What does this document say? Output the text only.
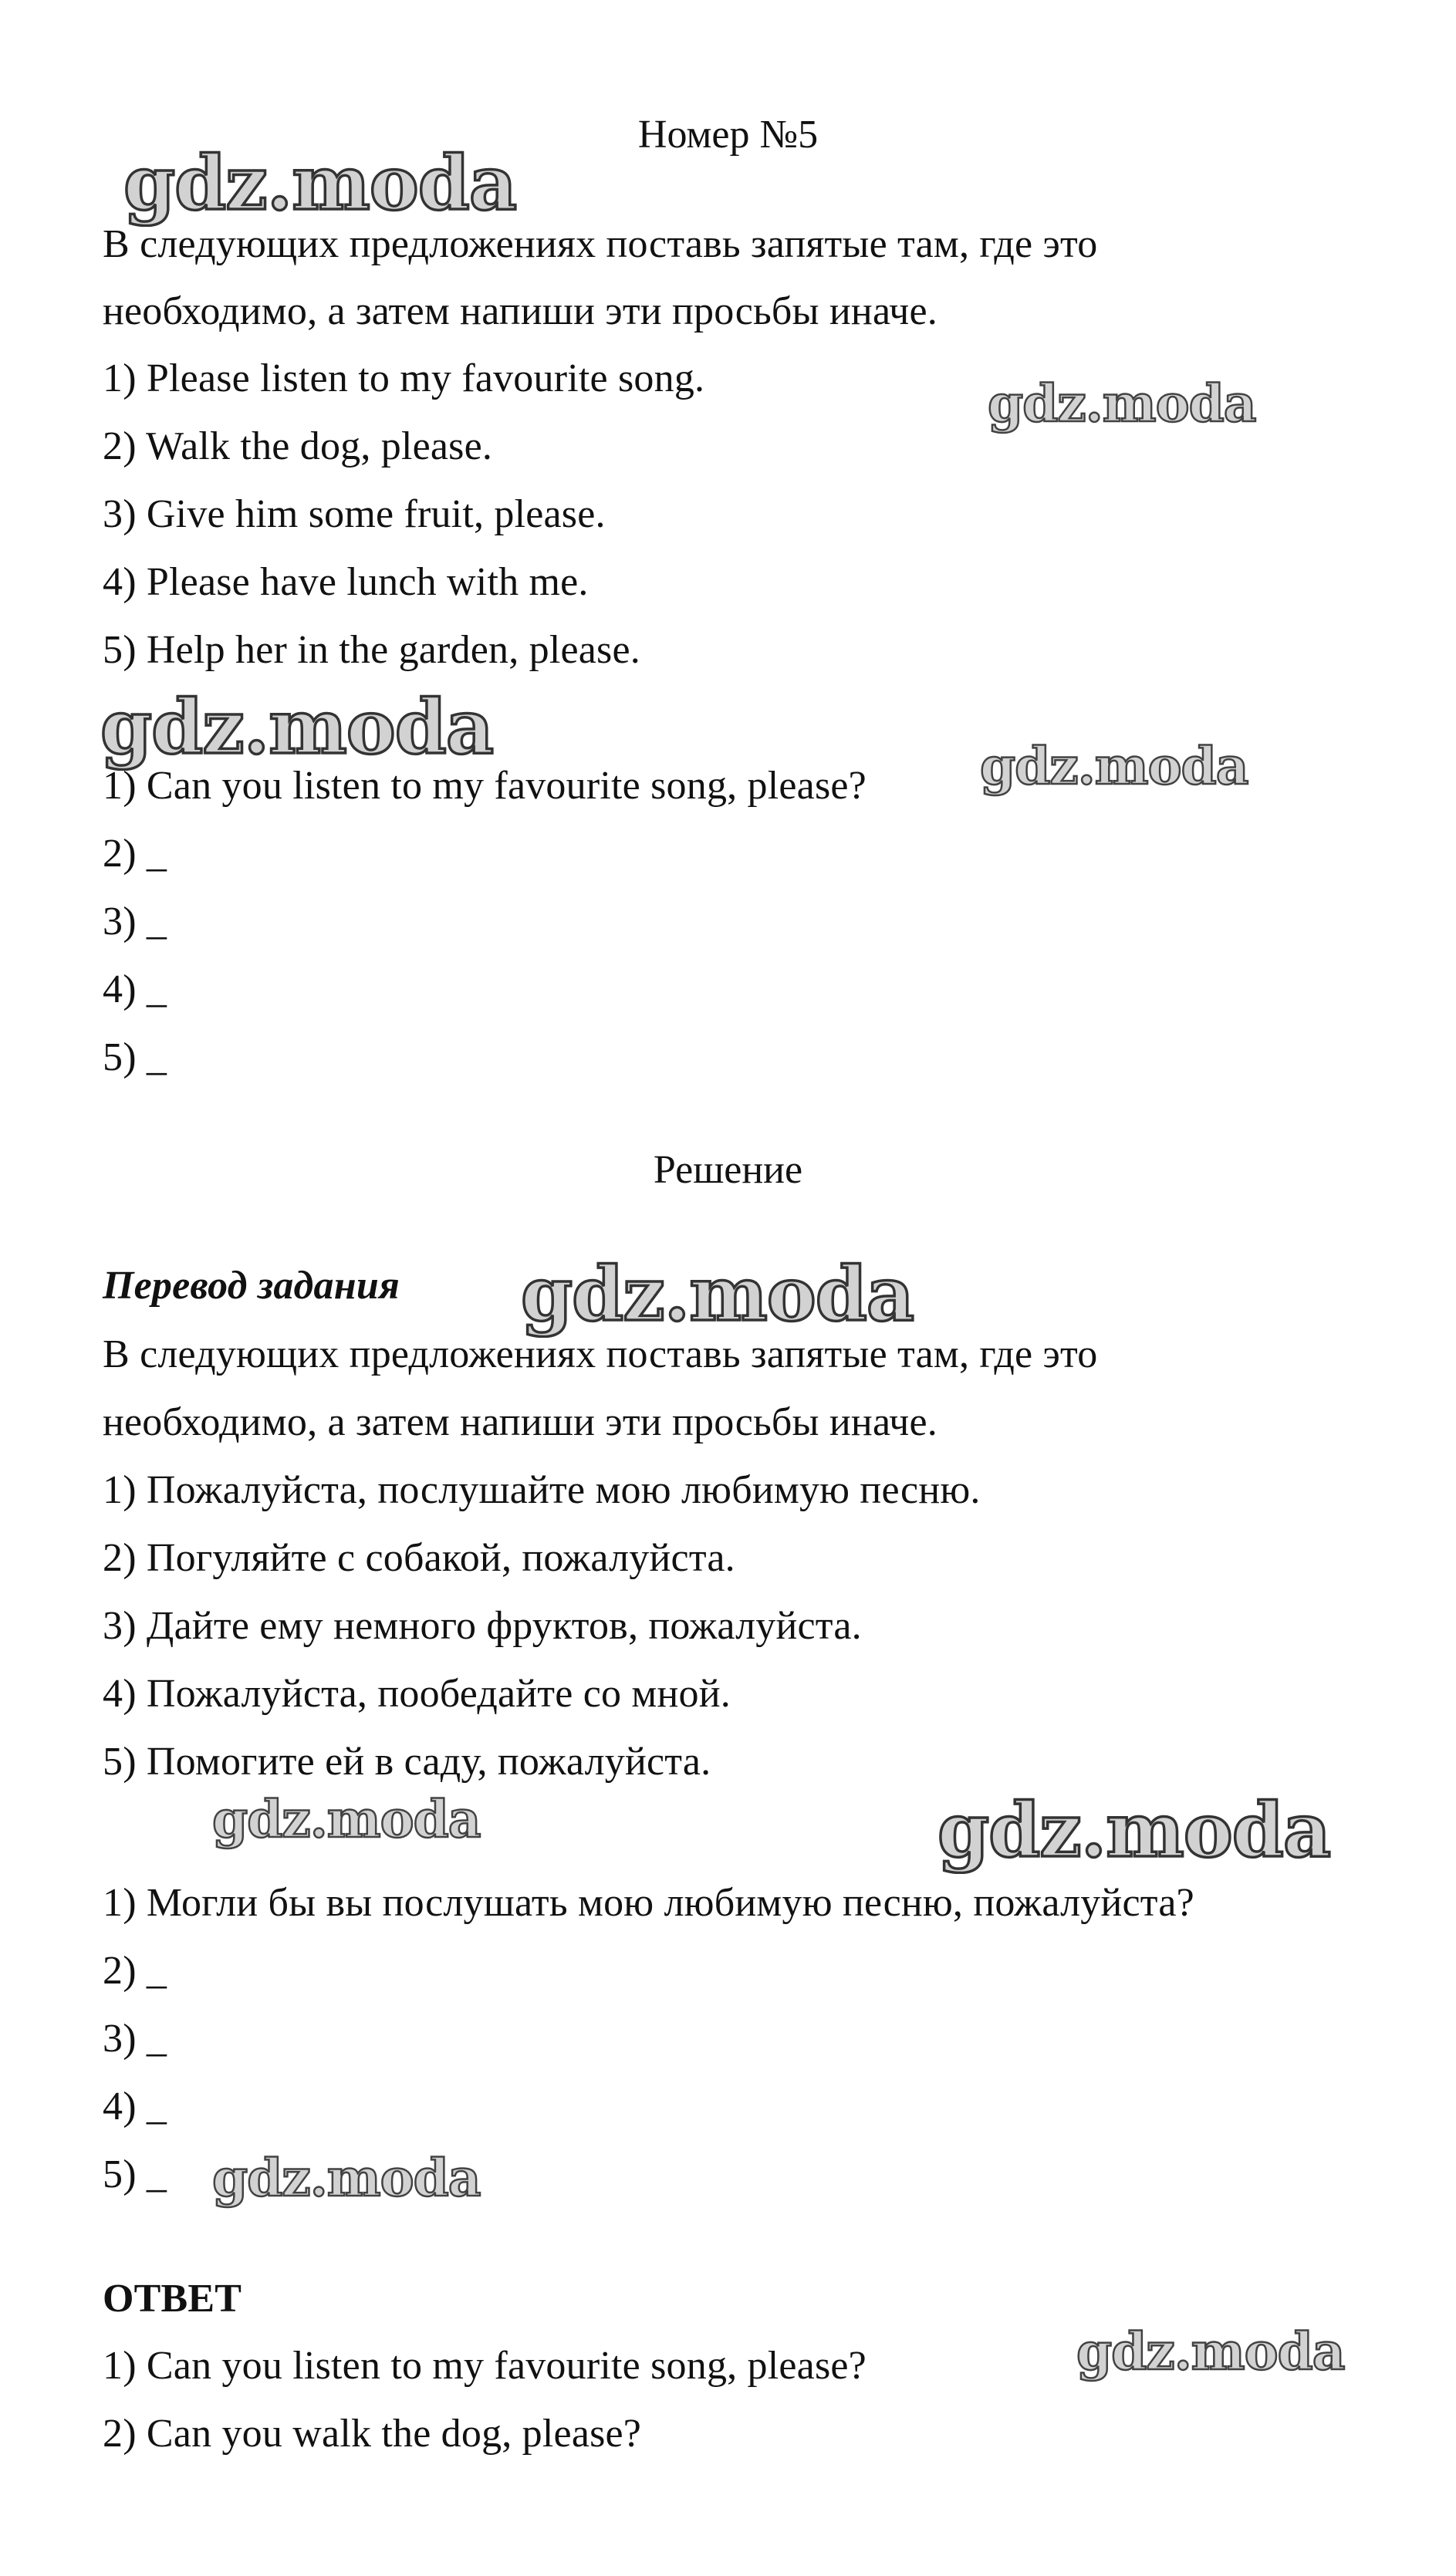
Номер №5
В следующих предложениях поставь запятые там, где это
необходимо, а затем напиши эти просьбы иначе.
1) Please listen to my favourite song.
2) Walk the dog, please.
3) Give him some fruit, please.
4) Please have lunch with me.
5) Help her in the garden, please.
1) Can you listen to my favourite song, please?
2) _
3) _
4) _
5) _
Решение
Перевод задания
В следующих предложениях поставь запятые там, где это
необходимо, а затем напиши эти просьбы иначе.
1) Пожалуйста, послушайте мою любимую песню.
2) Погуляйте с собакой, пожалуйста.
3) Дайте ему немного фруктов, пожалуйста.
4) Пожалуйста, пообедайте со мной.
5) Помогите ей в саду, пожалуйста.
1) Могли бы вы послушать мою любимую песню, пожалуйста?
2) _
3) _
4) _
5) _
ОТВЕТ
1) Can you listen to my favourite song, please?
2) Can you walk the dog, please?
gdz.moda
gdz.moda
gdz.moda	gdz.moda
gdz.moda
gdz.moda	gdz.moda
gdz.moda
gdz.moda
